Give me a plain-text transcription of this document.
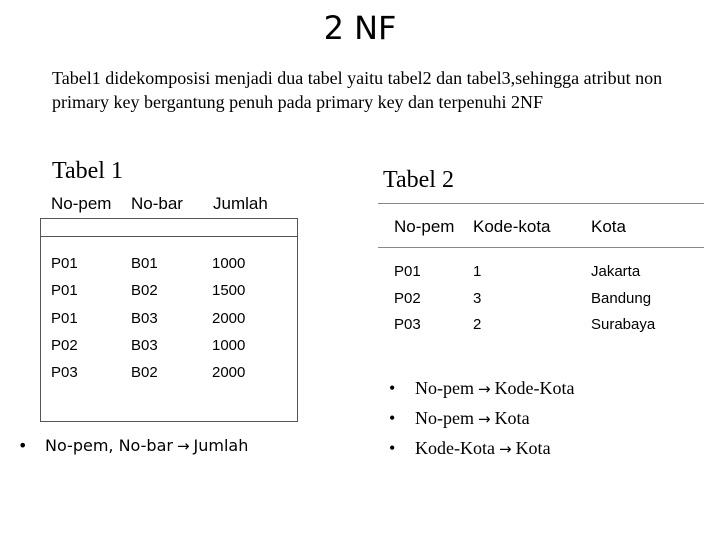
2 NF
Tabel1 didekomposisi menjadi dua tabel yaitu tabel2 dan tabel3,sehingga atribut non primary key bergantung penuh pada primary key dan terpenuhi 2NF
Tabel 1	Tabel 2
No-pem No-bar Jumlah
P01	B01	1000
P01	B02	1500
P01	B03	2000
P02	B03	1000
P03	B02	2000
No-pem Kode-kota Kota
P01	1	Jakarta
P02	3	Bandung
P03	2	Surabaya
• No-pem, No-bar → Jumlah
• No-pem → Kode-Kota
• No-pem → Kota
• Kode-Kota → Kota
